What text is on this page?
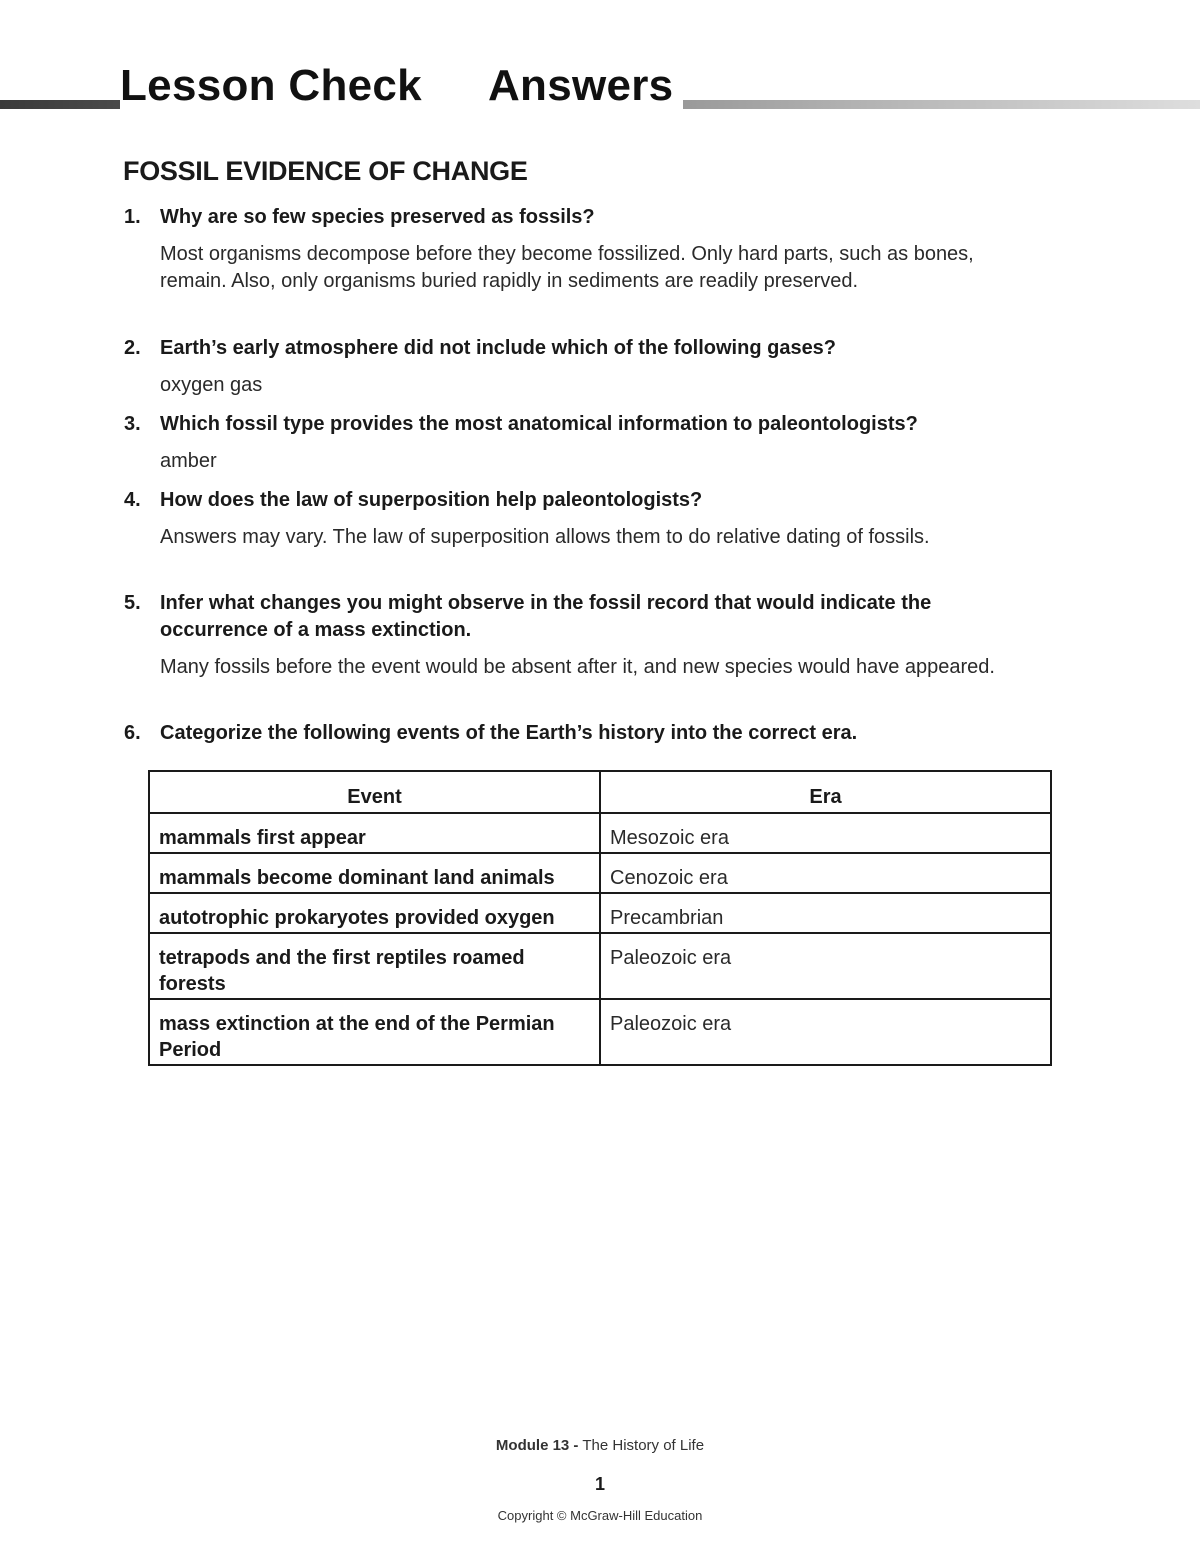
Lesson Check Answers
FOSSIL EVIDENCE OF CHANGE
1. Why are so few species preserved as fossils?
Most organisms decompose before they become fossilized. Only hard parts, such as bones, remain. Also, only organisms buried rapidly in sediments are readily preserved.
2. Earth’s early atmosphere did not include which of the following gases?
oxygen gas
3. Which fossil type provides the most anatomical information to paleontologists?
amber
4. How does the law of superposition help paleontologists?
Answers may vary. The law of superposition allows them to do relative dating of fossils.
5. Infer what changes you might observe in the fossil record that would indicate the occurrence of a mass extinction.
Many fossils before the event would be absent after it, and new species would have appeared.
6. Categorize the following events of the Earth’s history into the correct era.
Event	Era
mammals first appear	Mesozoic era
mammals become dominant land animals	Cenozoic era
autotrophic prokaryotes provided oxygen	Precambrian
tetrapods and the first reptiles roamed forests	Paleozoic era
mass extinction at the end of the Permian Period	Paleozoic era
Module 13 - The History of Life
1
Copyright © McGraw-Hill Education
